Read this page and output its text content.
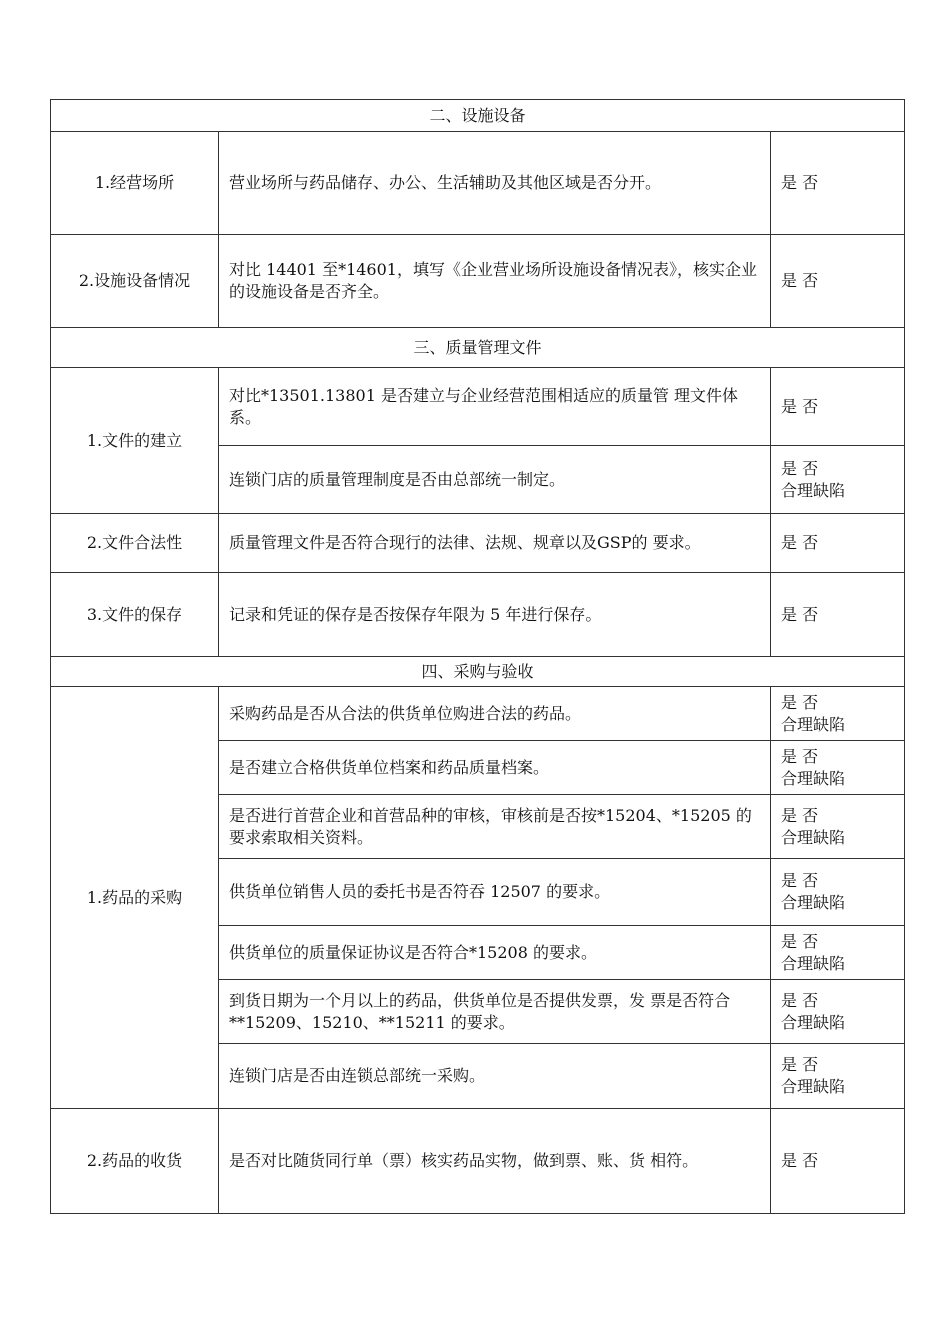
二、设施设备		
1.经营场所	营业场所与药品储存、办公、生活辅助及其他区域是否分开。	是 否

2.设施设备情况	对比 14401 至*14601，填写《企业营业场所设施设备情况表》，核实企业的设施设备是否齐全。	是 否

三、质量管理文件		
1.文件的建立	对比*13501.13801 是否建立与企业经营范围相适应的质量管 理文件体系。	是 否

	连锁门店的质量管理制度是否由总部统一制定。	是 否
合理缺陷

2.文件合法性	质量管理文件是否符合现行的法律、法规、规章以及GSP的 要求。	是 否

3.文件的保存	记录和凭证的保存是否按保存年限为 5 年进行保存。	是 否

四、采购与验收		
1.药品的采购	采购药品是否从合法的供货单位购进合法的药品。	是 否
合理缺陷

	是否建立合格供货单位档案和药品质量档案。	是 否
合理缺陷

	是否进行首营企业和首营品种的审核，审核前是否按*15204、*15205 的要求索取相关资料。	是 否
合理缺陷

	供货单位销售人员的委托书是否符吞 12507 的要求。	是 否
合理缺陷

	供货单位的质量保证协议是否符合*15208 的要求。	是 否
合理缺陷

	到货日期为一个月以上的药品，供货单位是否提供发票，发 票是否符合**15209、15210、**15211 的要求。	是 否
合理缺陷

	连锁门店是否由连锁总部统一采购。	是 否
合理缺陷

2.药品的收货	是否对比随货同行单（票）核实药品实物，做到票、账、货 相符。	是 否
